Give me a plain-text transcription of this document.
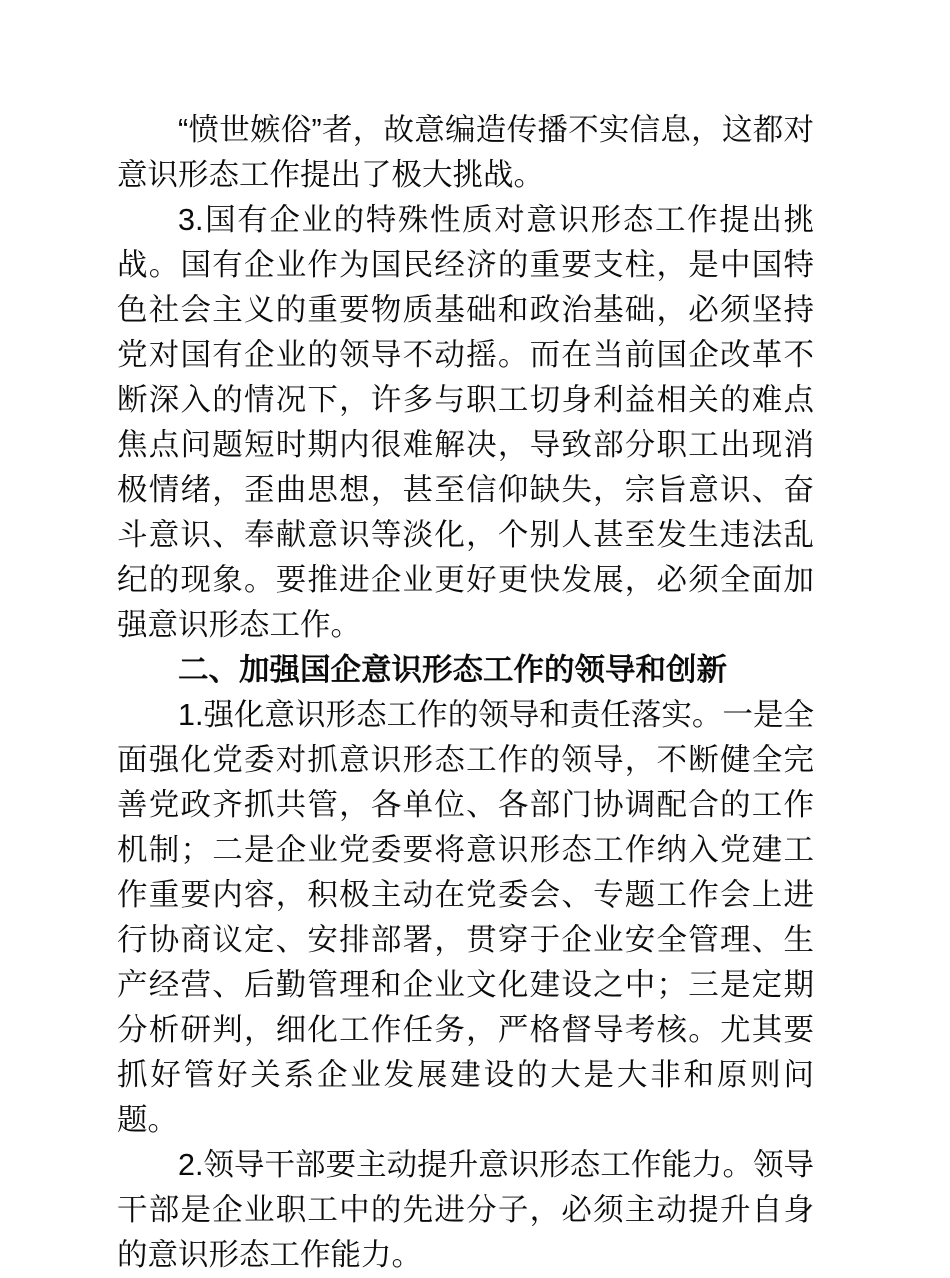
“愤世嫉俗”者，故意编造传播不实信息，这都对意识形态工作提出了极大挑战。

3.国有企业的特殊性质对意识形态工作提出挑战。国有企业作为国民经济的重要支柱，是中国特色社会主义的重要物质基础和政治基础，必须坚持党对国有企业的领导不动摇。而在当前国企改革不断深入的情况下，许多与职工切身利益相关的难点焦点问题短时期内很难解决，导致部分职工出现消极情绪，歪曲思想，甚至信仰缺失，宗旨意识、奋斗意识、奉献意识等淡化，个别人甚至发生违法乱纪的现象。要推进企业更好更快发展，必须全面加强意识形态工作。

二、加强国企意识形态工作的领导和创新

1.强化意识形态工作的领导和责任落实。一是全面强化党委对抓意识形态工作的领导，不断健全完善党政齐抓共管，各单位、各部门协调配合的工作机制；二是企业党委要将意识形态工作纳入党建工作重要内容，积极主动在党委会、专题工作会上进行协商议定、安排部署，贯穿于企业安全管理、生产经营、后勤管理和企业文化建设之中；三是定期分析研判，细化工作任务，严格督导考核。尤其要抓好管好关系企业发展建设的大是大非和原则问题。

2.领导干部要主动提升意识形态工作能力。领导干部是企业职工中的先进分子，必须主动提升自身的意识形态工作能力。
